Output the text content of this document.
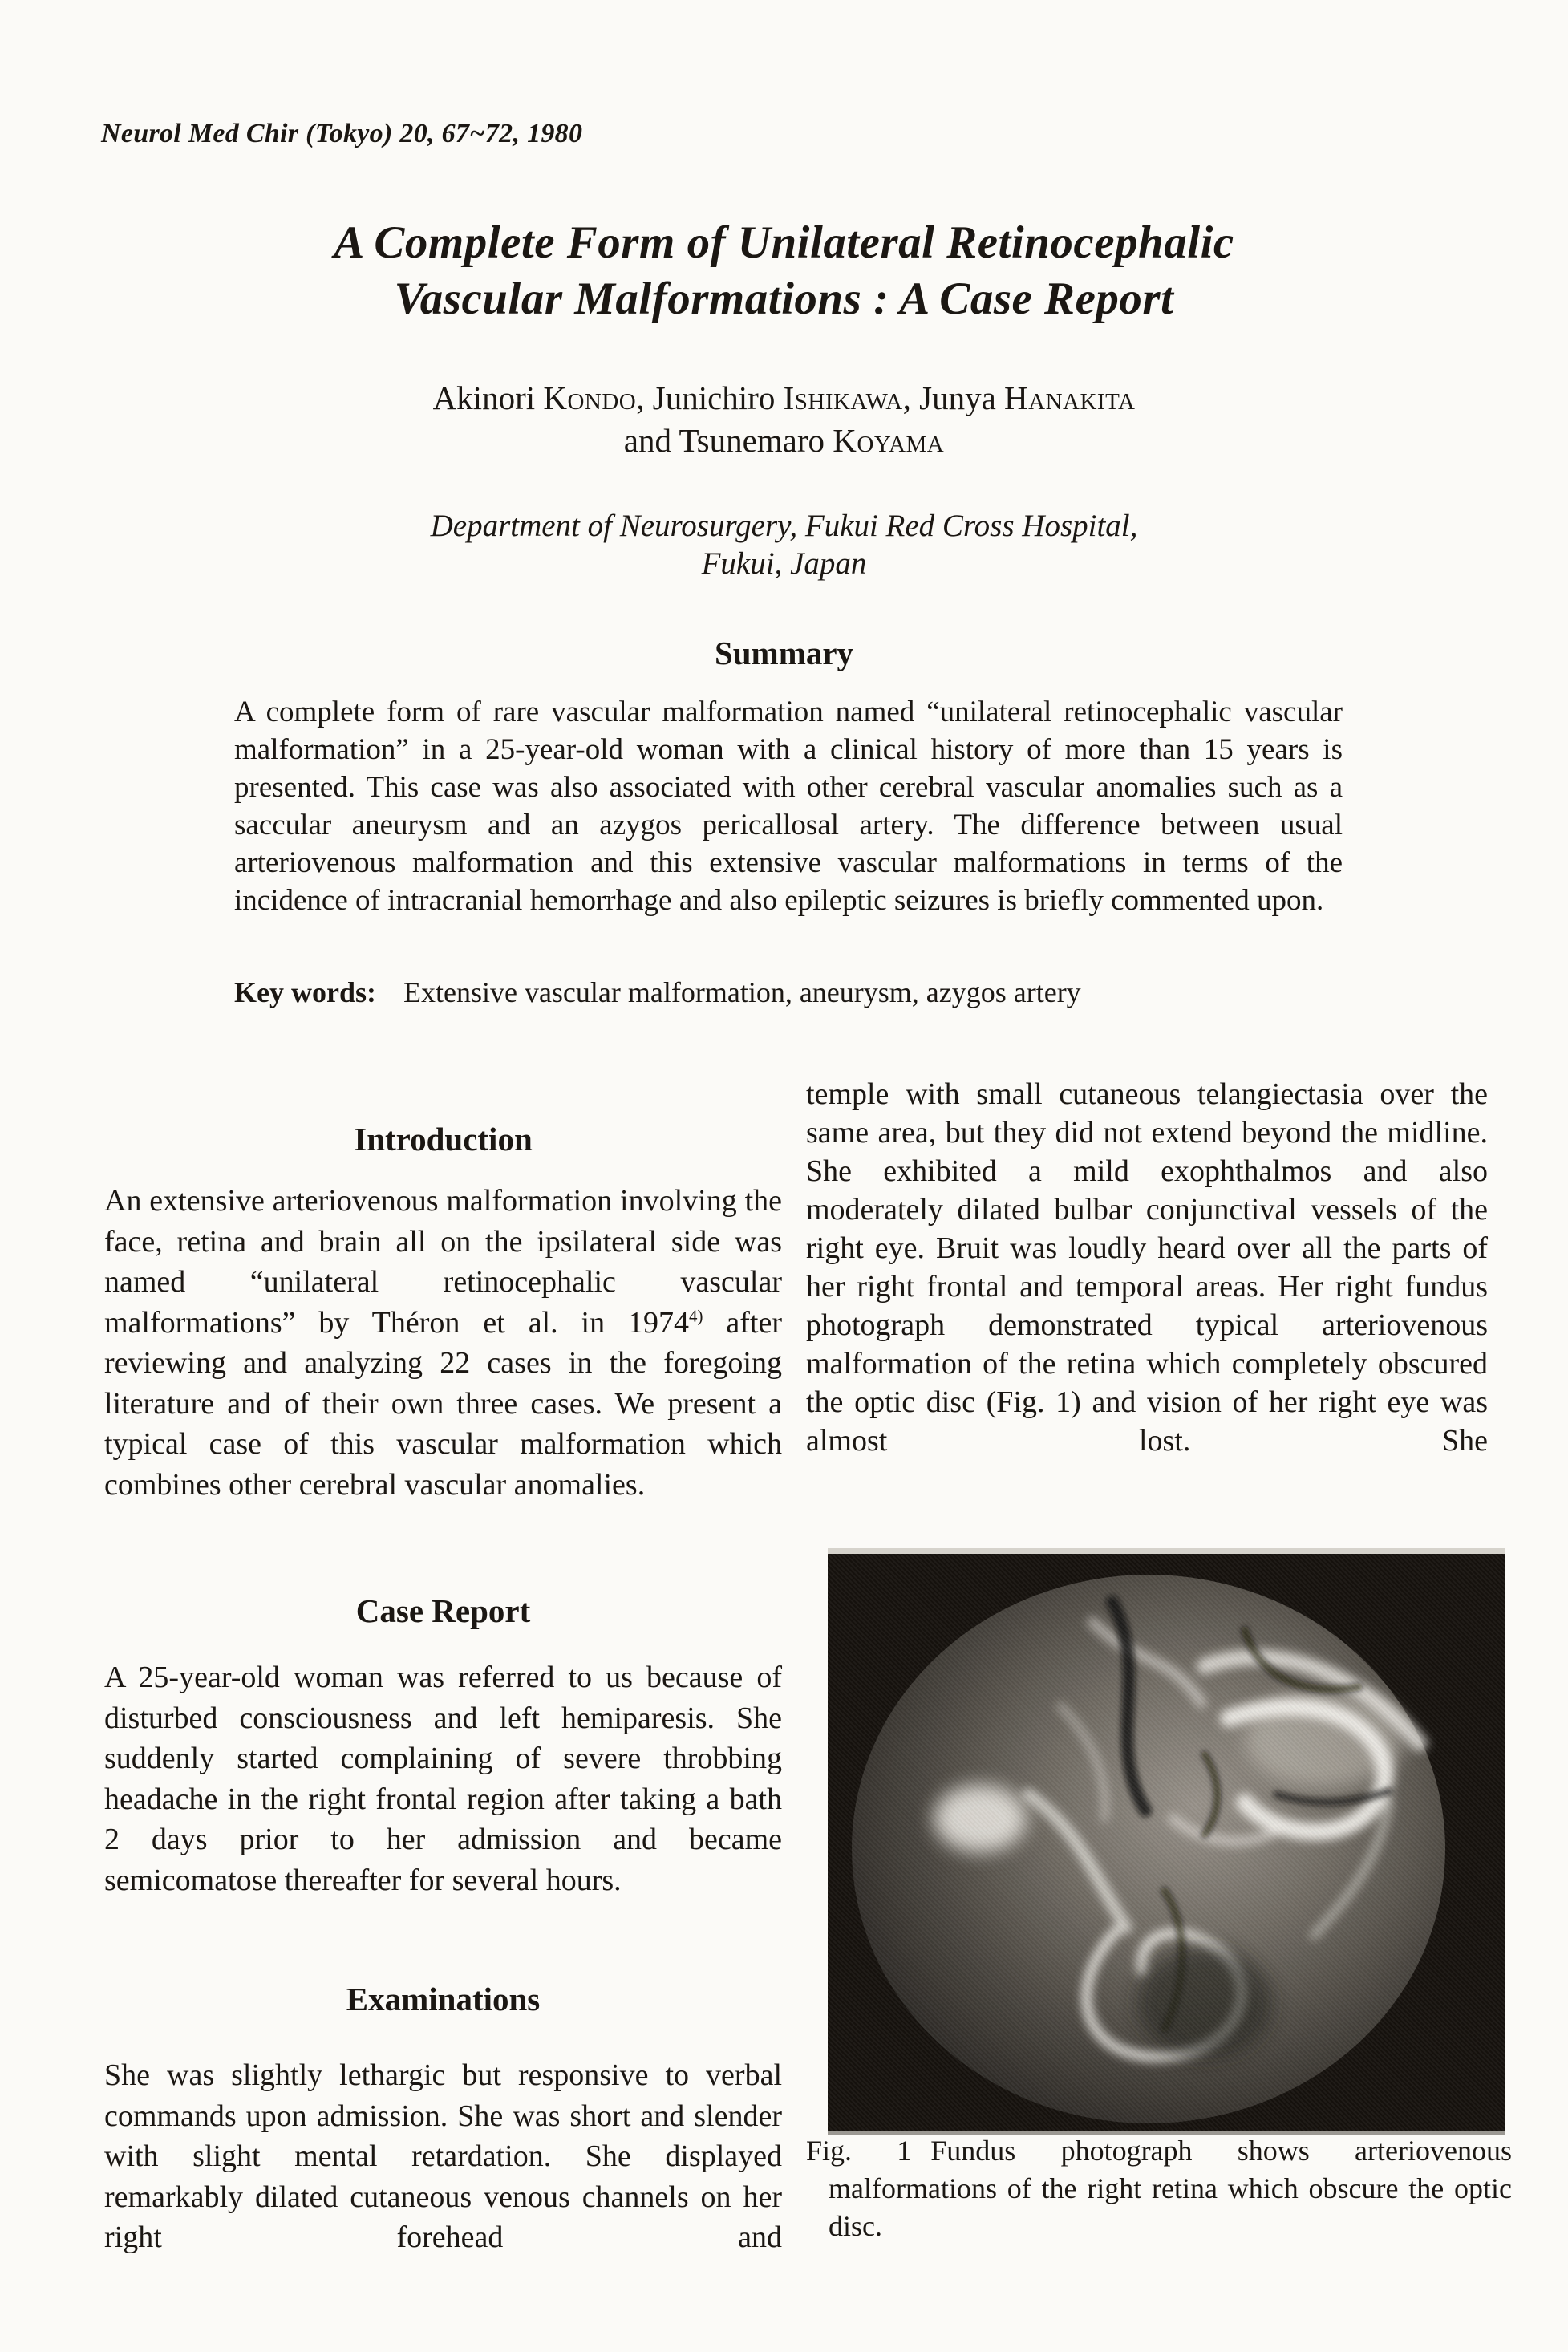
Neurol Med Chir (Tokyo) 20, 67~72, 1980
A Complete Form of Unilateral Retinocephalic
Vascular Malformations : A Case Report
Akinori Kondo, Junichiro Ishikawa, Junya Hanakita
and Tsunemaro Koyama
Department of Neurosurgery, Fukui Red Cross Hospital,
Fukui, Japan
Summary

A complete form of rare vascular malformation named “unilateral retinocephalic vascular malformation” in a 25-year-old woman with a clinical history of more than 15 years is presented. This case was also associated with other cerebral vascular anomalies such as a saccular aneurysm and an azygos pericallosal artery. The difference between usual arteriovenous malformation and this extensive vascular malformations in terms of the incidence of intracranial hemorrhage and also epileptic seizures is briefly commented upon.

Key words: Extensive vascular malformation, aneurysm, azygos artery

Introduction

An extensive arteriovenous malformation involving the face, retina and brain all on the ipsilateral side was named “unilateral retinocephalic vascular malformations” by Théron et al. in 1974$^{4)}$ after reviewing and analyzing 22 cases in the foregoing literature and of their own three cases. We present a typical case of this vascular malformation which combines other cerebral vascular anomalies.

Case Report

A 25-year-old woman was referred to us because of disturbed consciousness and left hemiparesis. She suddenly started complaining of severe throbbing headache in the right frontal region after taking a bath 2 days prior to her admission and became semicomatose thereafter for several hours.

Examinations

She was slightly lethargic but responsive to verbal commands upon admission. She was short and slender with slight mental retardation. She displayed remarkably dilated cutaneous venous channels on her right forehead and

temple with small cutaneous telangiectasia over the same area, but they did not extend beyond the midline. She exhibited a mild exophthalmos and also moderately dilated bulbar conjunctival vessels of the right eye. Bruit was loudly heard over all the parts of her right frontal and temporal areas. Her right fundus photograph demonstrated typical arteriovenous malformation of the retina which completely obscured the optic disc (Fig. 1) and vision of her right eye was almost lost. She

Fig. 1 Fundus photograph shows arteriovenous malformations of the right retina which obscure the optic disc.
